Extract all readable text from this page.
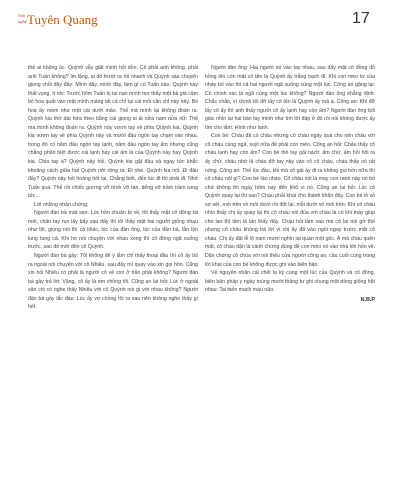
Văn
nghệ Tuyên Quang	17

thế ai không úc. Quỳnh vẫy giật mình hỏi dồn: Cô phải anh không, phải anh Tuấn không? Im lặng, ai đó trượt ra rồi nhanh và Quỳnh sàa chuyển giọng chỗi đây đấy: Mình đây, mình đây, làm gì có Tuấn nào. Quỳnh nay thất vọng, ít nhi: Trước hôm Tuấn bị tai nạn mình mơ thấy một bà già cầm bó hoa quất vào mặt mình mảng tất cả chỉ tại cái môi cân chỉ này này. Bó hoa ấy mềm như một cái dưới mảo. Thế mà mình lại không đoán ra. Quỳnh kia thở dài hứa theo bằng cái giọng si ái nửa nam nửa nữ: Thế mà mình không đoán ra. Quỳnh này vươn tay về phía Quỳnh kia, Quỳnh kia vươn tay về phía Quỳnh này và mười đầu ngón tay chạm vào nhau, trong đó có năm đầu ngón tay lạnh, năm đầu ngón tay ấm nhưng cũng chẳng phân biệt được cái lạnh hay cái ấm là của Quỳnh này hay Quỳnh kia. Chia tay à? Quỳnh này hỏi, Quỳnh kia gật đầu và ngay tức khắc khoảng cách giữa hai Quỳnh nới rộng ra. Đi nhé. Quỳnh kia nói. Đi đâu đấy? Quỳnh này hỏi hoảng hốt lại. Chẳng biết, đến lúc đi thì phải đi. Nhớ Tuấn quá. Thế rồi chiếc gương vỡ hình vỡ tan, tiếng vỡ trầm trầm tưng tức...

Lời những nhân chứng:

Người đàn bà mát sẹo: Lúc hồn chuẩn bị về, tôi thấy mặt cô đông tái mét, chân tay run lẩy bẩy sau đấy thì tôi thấy mặt hai người giống nhau như lột, giọng nói thì cả khác, lúc của đàn ông, lúc của đàn bà, lẫn lộn lung tung cả. Khi ho nói chuyện với nhau xong thì cô đồng ngã xuống trước, sau đó mới đến cô Quỳnh.

Người đàn bà gầy: Tôi không để ý lắm chỉ thấy thoại đầu thì cô ấy bồ ra ngoài nói chuyện với cô Nhiêu, sau đấy mí quay vào xin gọi hồn. Cũng xin hỏi Nhiêu có phải là người có về con ở trần phải không? Người đàn bà gầy trả lời: Vâng, cô ấy là em chồng tôi. Cũng an lại hỏi: Lúc ở ngoài sân chị có nghe thấy Nhiêu với cô Quỳnh nói gì với nhau không? Người đàn bà gầy lắc đầu: Lúc ấy vợ chồng tôi ra sau nên không nghe thấy gì hết.

Người đàn ông: Hai người nó vào tay nhau, sau đấy mặt cô đồng đỏ hồng lên còn mặt cô tên là Quỳnh ấy trắng bạch đi. Khi con mèo từ của nhảy bổ vào thì cả hai người ngã xuống cùng một lúc. Công an gặng lại: Có chính xác là ngã cùng một lúc không? Người đàn ông khẳng định: Chắc chắn, vì chính tôi đỡ lấy cô tên là Quỳnh ấy mà ạ. Công an: Khi đỡ lấy cô ấy thì anh thấy người cô ấy lạnh hay còn ấm? Người đàn ông bối giác nhìn lại hai bàn tay mình như tìm lời đáp ở đó rồi nói không được ấy tìm cho lắm: Hình như lạnh.

Con bé: Cháu đã có cháu nhưng cô cháu ngày quá cho nên cháu với cô cháu cùng ngã, suýt nữa đè phải con mèo. Công an hỏi: Cháu thấy cô cháu lạnh hay còn ấm? Con bé thò tay gãi nách: ấm chứ, ấm hôi hổi ra ấy chứ, cháu nhớ là cháu đỡ tay này vào cổ cô cháu, cháu thấy nó rất nóng. Công an: Thế lúc đầu, khi mà cô gái ấy đi ra không gọi hồn nữa thì cô cháu nói gì? Con bé láo nháo: Cô cháu nói là may con ranh này nó bỏ chứ không thì ngày hôm nay đến khổ vì nó. Công an lại hỏi: Lúc cô Quỳnh quay lại thì sao? Cháu phải khai cho thành khẩn đấy. Con bé lỏ vỏ sợ sệt, mỏi trên vò môi dưới rồi đột lại, mỗi dưới vò môi trên: Khi cô cháu nhìn thấy chị ấy quay lại thì cô cháu nói đúa với cháu là có khi máy giúp cho lao thì tiền là lấn thấy đấy. Cháu hỏi làm sao mà cô lại nói gở thế nhưng cô cháu không trả lời vì chị ấy đã vào ngồi ngay trước mặt cô cháu. Chị ấy đặt lễ lộ nam mươi nghìn lại quán một góc. À mà cháu quên mất, cô cháu dặn là cảnh chứng đúng để con mèo nó vào nhà khi hồn về. Dặn chứng cô chúa với nói thêu cửa người công an, cầu cuối cùng trong lời khai của con bé không được ghi vào biên bản.

Về nguyên nhân cái chết lạ kỳ cùng một lúc của Quỳnh và cô đồng, biên bản pháp y ngày mùng mười tháng tư ghi chung một dòng giống hệt nhau: Tai biến mạch máu não.

N.B.P
